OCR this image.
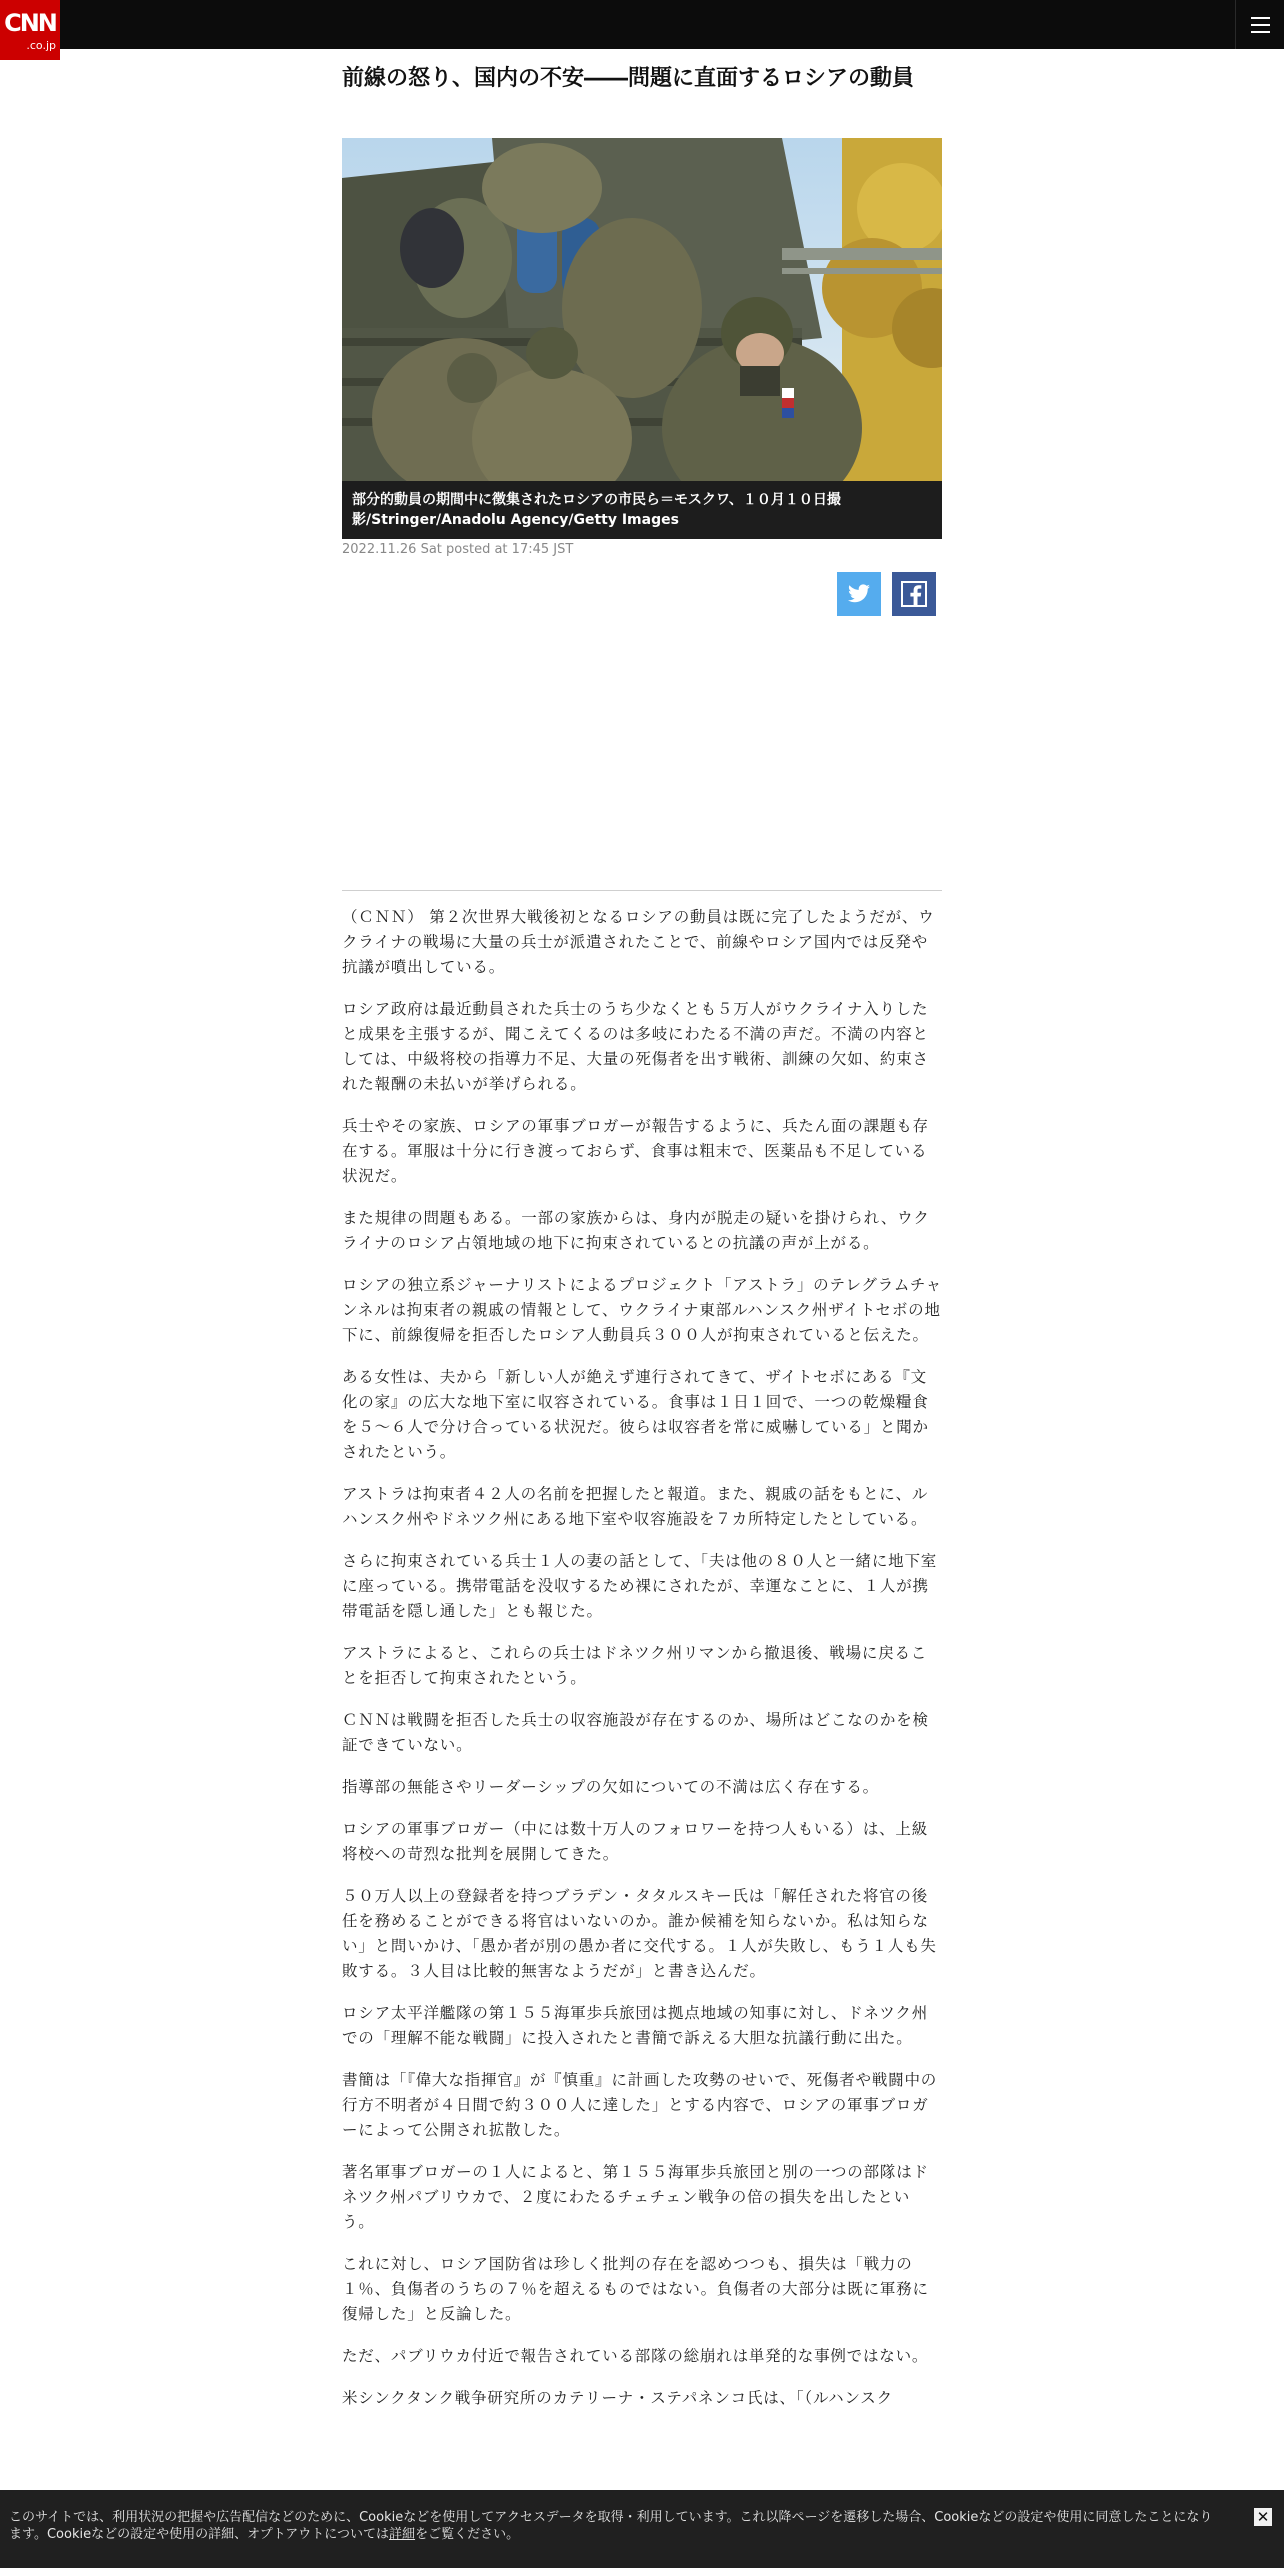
CNN
.co.jp
前線の怒り、国内の不安――問題に直面するロシアの動員
部分的動員の期間中に徴集されたロシアの市民ら＝モスクワ、１０月１０日撮影/Stringer/Anadolu Agency/Getty Images
2022.11.26 Sat posted at 17:45 JST

（ＣＮＮ） 第２次世界大戦後初となるロシアの動員は既に完了したようだが、ウクライナの戦場に大量の兵士が派遣されたことで、前線やロシア国内では反発や抗議が噴出している。

ロシア政府は最近動員された兵士のうち少なくとも５万人がウクライナ入りしたと成果を主張するが、聞こえてくるのは多岐にわたる不満の声だ。不満の内容としては、中級将校の指導力不足、大量の死傷者を出す戦術、訓練の欠如、約束された報酬の未払いが挙げられる。

兵士やその家族、ロシアの軍事ブロガーが報告するように、兵たん面の課題も存在する。軍服は十分に行き渡っておらず、食事は粗末で、医薬品も不足している状況だ。

また規律の問題もある。一部の家族からは、身内が脱走の疑いを掛けられ、ウクライナのロシア占領地域の地下に拘束されているとの抗議の声が上がる。

ロシアの独立系ジャーナリストによるプロジェクト「アストラ」のテレグラムチャンネルは拘束者の親戚の情報として、ウクライナ東部ルハンスク州ザイトセボの地下に、前線復帰を拒否したロシア人動員兵３００人が拘束されていると伝えた。

ある女性は、夫から「新しい人が絶えず連行されてきて、ザイトセボにある『文化の家』の広大な地下室に収容されている。食事は１日１回で、一つの乾燥糧食を５～６人で分け合っている状況だ。彼らは収容者を常に威嚇している」と聞かされたという。

アストラは拘束者４２人の名前を把握したと報道。また、親戚の話をもとに、ルハンスク州やドネツク州にある地下室や収容施設を７カ所特定したとしている。

さらに拘束されている兵士１人の妻の話として、「夫は他の８０人と一緒に地下室に座っている。携帯電話を没収するため裸にされたが、幸運なことに、１人が携帯電話を隠し通した」とも報じた。

アストラによると、これらの兵士はドネツク州リマンから撤退後、戦場に戻ることを拒否して拘束されたという。

ＣＮＮは戦闘を拒否した兵士の収容施設が存在するのか、場所はどこなのかを検証できていない。

指導部の無能さやリーダーシップの欠如についての不満は広く存在する。

ロシアの軍事ブロガー（中には数十万人のフォロワーを持つ人もいる）は、上級将校への苛烈な批判を展開してきた。

５０万人以上の登録者を持つブラデン・タタルスキー氏は「解任された将官の後任を務めることができる将官はいないのか。誰か候補を知らないか。私は知らない」と問いかけ、「愚か者が別の愚か者に交代する。１人が失敗し、もう１人も失敗する。３人目は比較的無害なようだが」と書き込んだ。

ロシア太平洋艦隊の第１５５海軍歩兵旅団は拠点地域の知事に対し、ドネツク州での「理解不能な戦闘」に投入されたと書簡で訴える大胆な抗議行動に出た。

書簡は「『偉大な指揮官』が『慎重』に計画した攻勢のせいで、死傷者や戦闘中の行方不明者が４日間で約３００人に達した」とする内容で、ロシアの軍事ブロガーによって公開され拡散した。

著名軍事ブロガーの１人によると、第１５５海軍歩兵旅団と別の一つの部隊はドネツク州パブリウカで、２度にわたるチェチェン戦争の倍の損失を出したという。

これに対し、ロシア国防省は珍しく批判の存在を認めつつも、損失は「戦力の１％、負傷者のうちの７％を超えるものではない。負傷者の大部分は既に軍務に復帰した」と反論した。

ただ、パブリウカ付近で報告されている部隊の総崩れは単発的な事例ではない。

米シンクタンク戦争研究所のカテリーナ・ステパネンコ氏は、「（ルハンスク

このサイトでは、利用状況の把握や広告配信などのために、Cookieなどを使用してアクセスデータを取得・利用しています。これ以降ページを遷移した場合、Cookieなどの設定や使用に同意したことになります。Cookieなどの設定や使用の詳細、オプトアウトについては詳細をご覧ください。
✕
